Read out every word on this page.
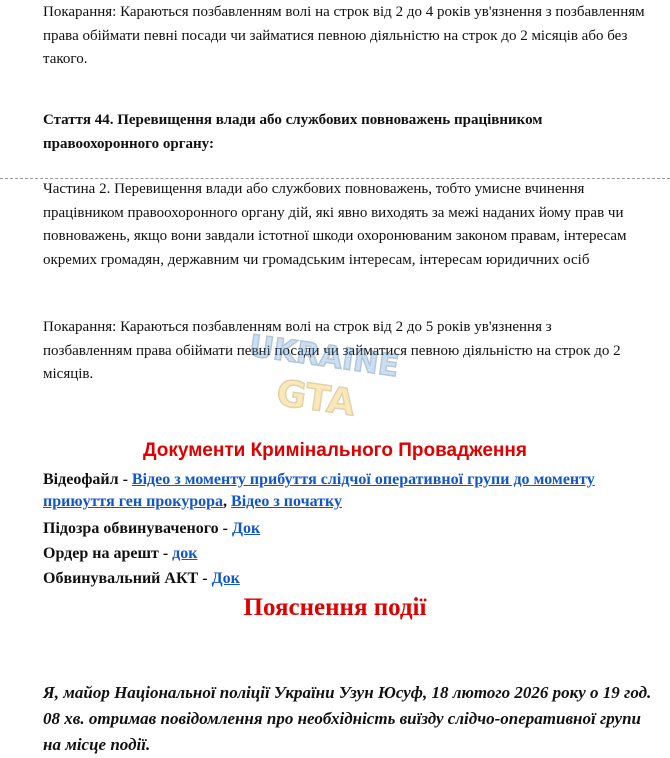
Покарання: Караються позбавленням волі на строк від 2 до 4 років ув'язнення з позбавленням права обіймати певні посади чи займатися певною діяльністю на строк до 2 місяців або без такого.

Стаття 44. Перевищення влади або службових повноважень працівником правоохоронного органу:

Частина 2. Перевищення влади або службових повноважень, тобто умисне вчинення працівником правоохоронного органу дій, які явно виходять за межі наданих йому прав чи повноважень, якщо вони завдали істотної шкоди охоронюваним законом правам, інтересам окремих громадян, державним чи громадським інтересам, інтересам юридичних осіб

Покарання: Караються позбавленням волі на строк від 2 до 5 років ув'язнення з позбавленням права обіймати певні посади чи займатися певною діяльністю на строк до 2 місяців.	UKRAINE
GTA
Документи Кримінального Провадження
Відеофайл - Відео з моменту прибуття слідчої оперативної групи до моменту приюуття ген прокурора, Відео з початку
Підозра обвинуваченого - Док
Ордер на арешт - док
Обвинувальний АКТ - Док
Пояснення події

Я, майор Національної поліції України Узун Юсуф, 18 лютого 2026 року о 19 год. 08 хв. отримав повідомлення про необхідність виїзду слідчо-оперативної групи на місце події.
